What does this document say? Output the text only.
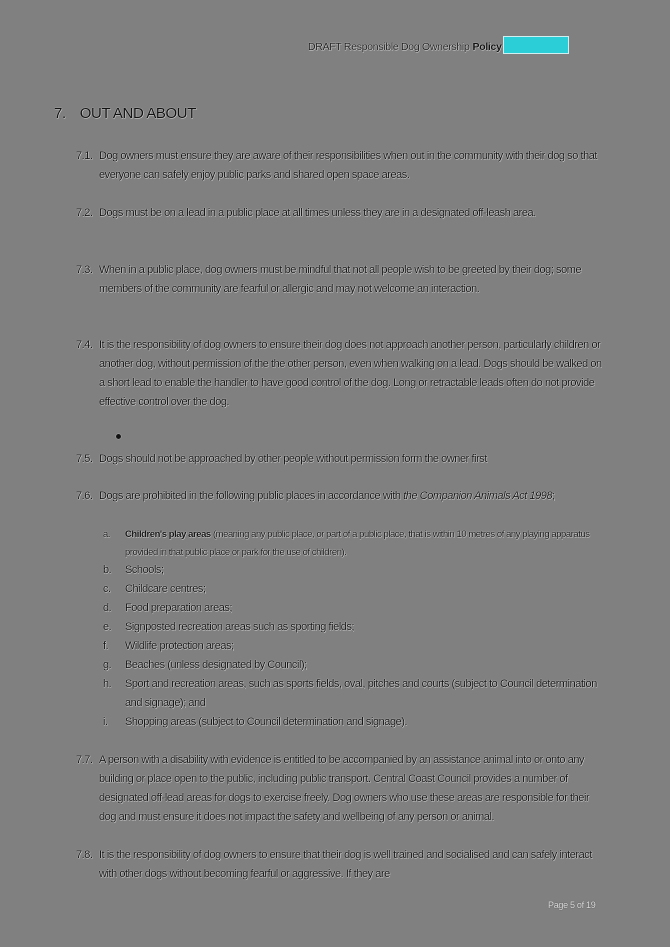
DRAFT Responsible Dog Ownership Policy
7. OUT AND ABOUT
7.1. Dog owners must ensure they are aware of their responsibilities when out in the community with their dog so that everyone can safely enjoy public parks and shared open space areas.
7.2. Dogs must be on a lead in a public place at all times unless they are in a designated off-leash area.
7.3. When in a public place, dog owners must be mindful that not all people wish to be greeted by their dog; some members of the community are fearful or allergic and may not welcome an interaction.
7.4. It is the responsibility of dog owners to ensure their dog does not approach another person, particularly children or another dog, without permission of the the other person, even when walking on a lead. Dogs should be walked on a short lead to enable the handler to have good control of the dog. Long or retractable leads often do not provide effective control over the dog.
7.5. Dogs should not be approached by other people without permission form the owner first
7.6. Dogs are prohibited in the following public places in accordance with the Companion Animals Act 1998;
a. Children's play areas (meaning any public place, or part of a public place, that is within 10 metres of any playing apparatus provided in that public place or park for the use of children).
b. Schools;
c. Childcare centres;
d. Food preparation areas;
e. Signposted recreation areas such as sporting fields;
f. Wildlife protection areas;
g. Beaches (unless designated by Council);
h. Sport and recreation areas, such as sports fields, oval, pitches and courts (subject to Council determination and signage); and
i. Shopping areas (subject to Council determination and signage).
7.7. A person with a disability with evidence is entitled to be accompanied by an assistance animal into or onto any building or place open to the public, including public transport. Central Coast Council provides a number of designated off-lead areas for dogs to exercise freely. Dog owners who use these areas are responsible for their dog and must ensure it does not impact the safety and wellbeing of any person or animal.
7.8. It is the responsibility of dog owners to ensure that their dog is well trained and socialised and can safely interact with other dogs without becoming fearful or aggressive. If they are
Page 5 of 19
